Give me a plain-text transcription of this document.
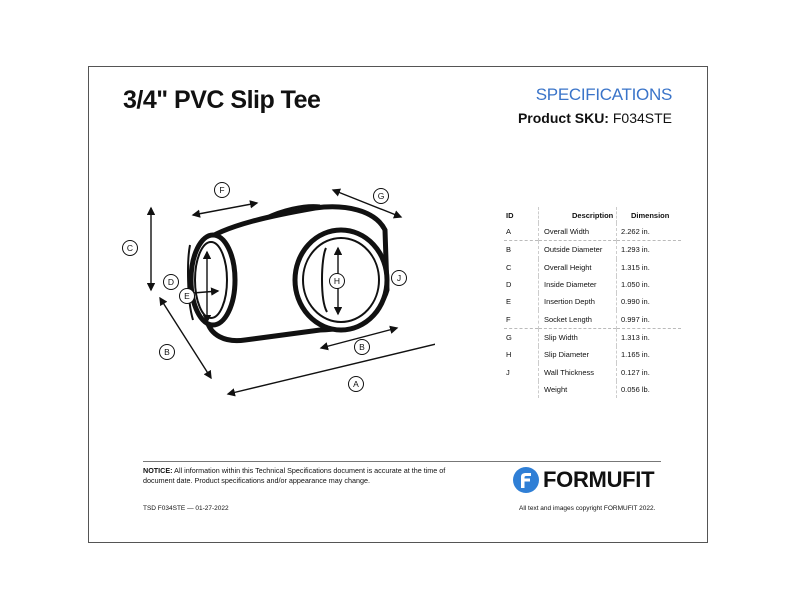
3/4" PVC Slip Tee	SPECIFICATIONS
Product SKU: F034STE
A
B	B
C
D
E
F
G
H	J
ID	Description	Dimension
A	Overall Width	2.262 in.
B	Outside Diameter	1.293 in.
C	Overall Height	1.315 in.
D	Inside Diameter	1.050 in.
E	Insertion Depth	0.990 in.
F	Socket Length	0.997 in.
G	Slip Width	1.313 in.
H	Slip Diameter	1.165 in.
J	Wall Thickness	0.127 in.
	Weight	0.056 lb.
NOTICE: All information within this Technical Specifications document is accurate at the time of document date. Product specifications and/or appearance may change.	FORMUFIT
TSD F034STE — 01-27-2022	All text and images copyright FORMUFIT 2022.
